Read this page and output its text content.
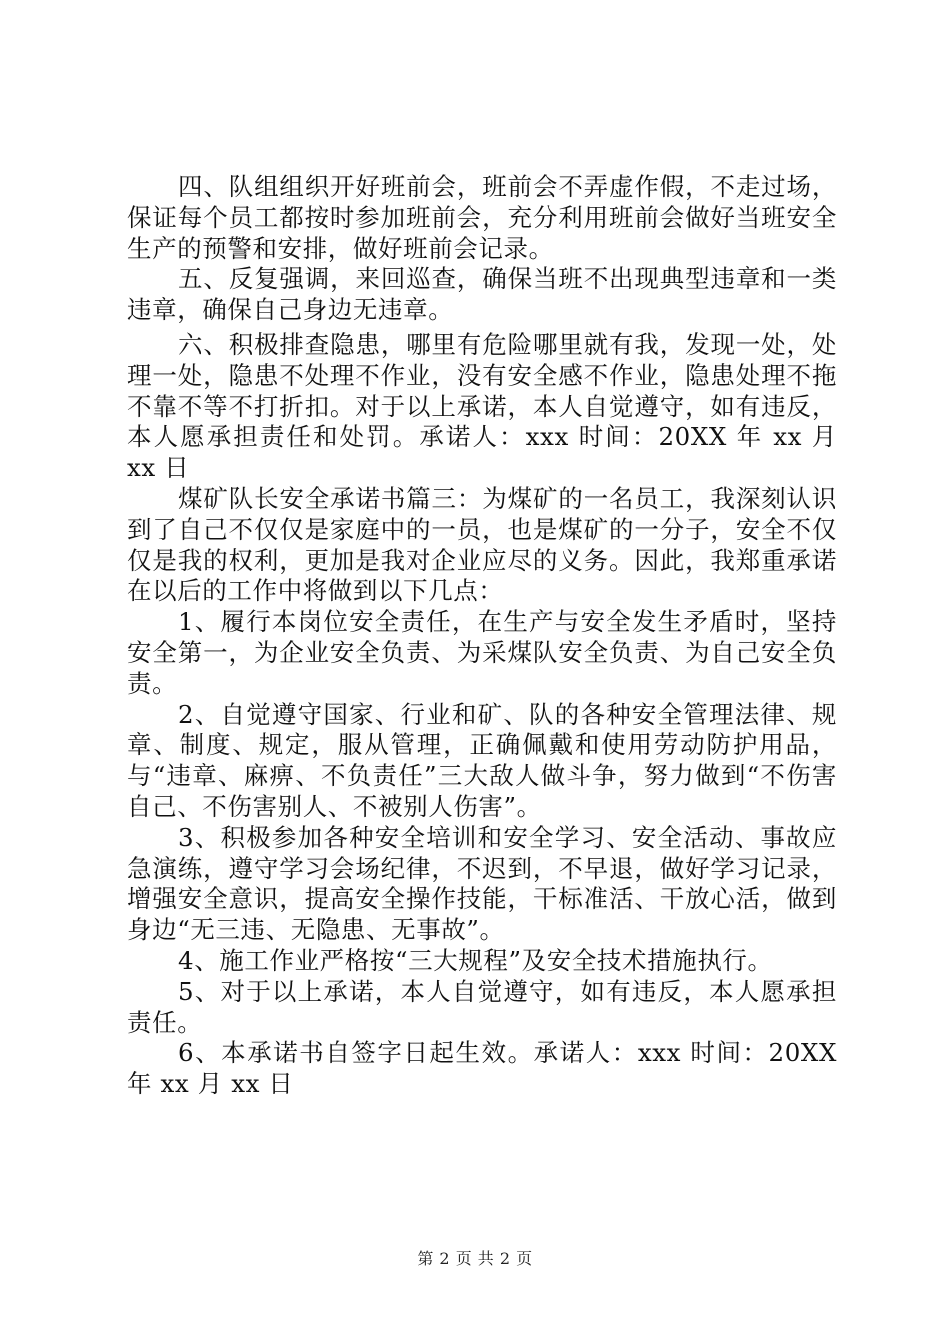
四、队组组织开好班前会，班前会不弄虚作假，不走过场，保证每个员工都按时参加班前会，充分利用班前会做好当班安全生产的预警和安排，做好班前会记录。

五、反复强调，来回巡查，确保当班不出现典型违章和一类违章，确保自己身边无违章。

六、积极排查隐患，哪里有危险哪里就有我，发现一处，处理一处，隐患不处理不作业，没有安全感不作业，隐患处理不拖不靠不等不打折扣。对于以上承诺，本人自觉遵守，如有违反，本人愿承担责任和处罚。承诺人：xxx 时间：20XX 年 xx 月 xx 日

煤矿队长安全承诺书篇三：为煤矿的一名员工，我深刻认识到了自己不仅仅是家庭中的一员，也是煤矿的一分子，安全不仅仅是我的权利，更加是我对企业应尽的义务。因此，我郑重承诺在以后的工作中将做到以下几点：

1、履行本岗位安全责任，在生产与安全发生矛盾时，坚持安全第一，为企业安全负责、为采煤队安全负责、为自己安全负责。

2、自觉遵守国家、行业和矿、队的各种安全管理法律、规章、制度、规定，服从管理，正确佩戴和使用劳动防护用品，与“违章、麻痹、不负责任”三大敌人做斗争，努力做到“不伤害自己、不伤害别人、不被别人伤害”。

3、积极参加各种安全培训和安全学习、安全活动、事故应急演练，遵守学习会场纪律，不迟到，不早退，做好学习记录，增强安全意识，提高安全操作技能，干标准活、干放心活，做到身边“无三违、无隐患、无事故”。

4、施工作业严格按“三大规程”及安全技术措施执行。

5、对于以上承诺，本人自觉遵守，如有违反，本人愿承担责任。

6、本承诺书自签字日起生效。承诺人：xxx 时间：20XX 年 xx 月 xx 日

第 2 页 共 2 页
